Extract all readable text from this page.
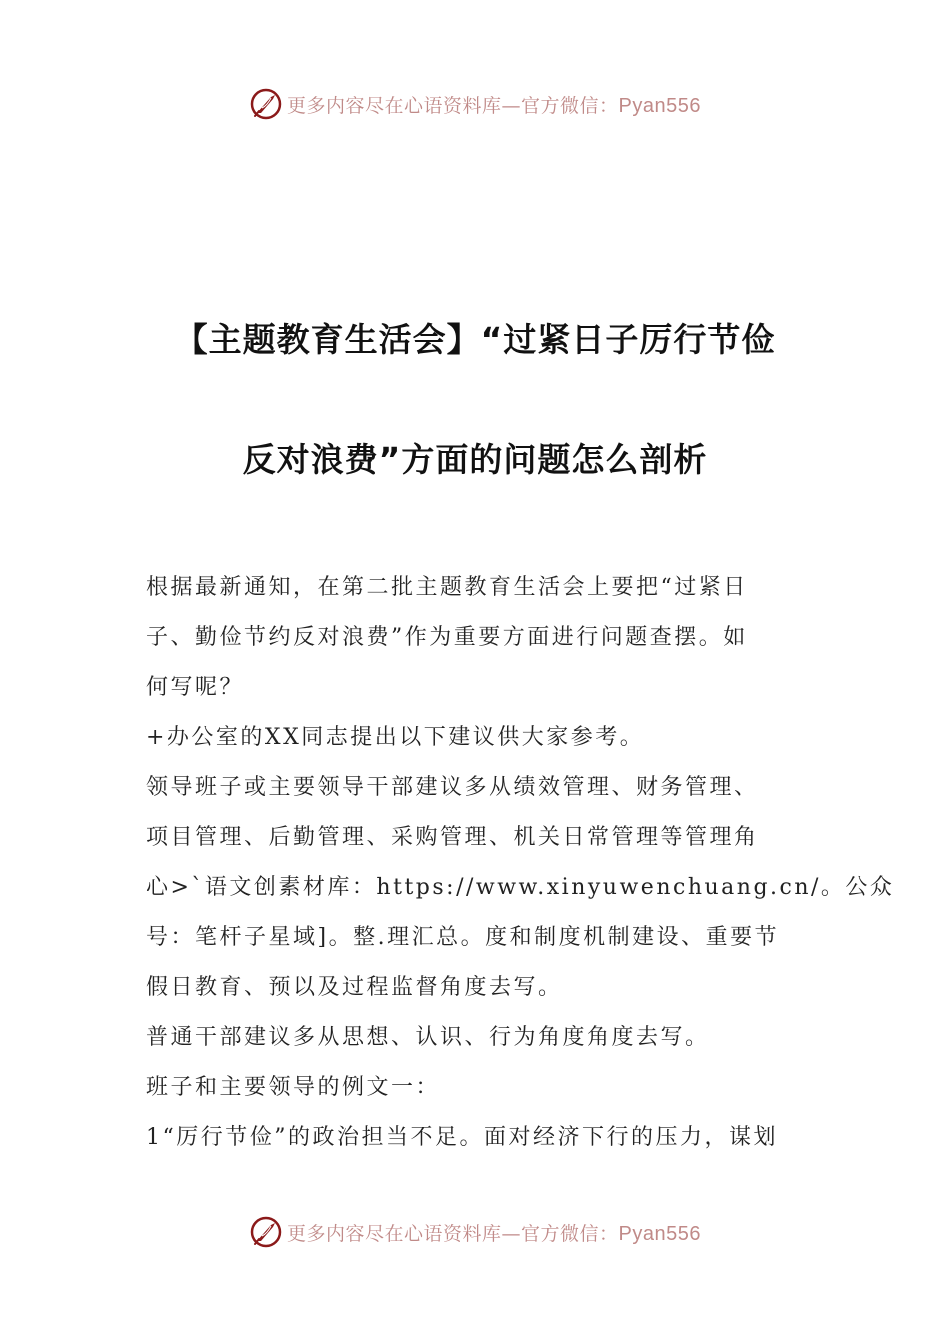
更多内容尽在心语资料库—官方微信：Pyan556
【主题教育生活会】“过紧日子厉行节俭
反对浪费”方面的问题怎么剖析
根据最新通知，在第二批主题教育生活会上要把“过紧日
子、勤俭节约反对浪费”作为重要方面进行问题查摆。如
何写呢？
+办公室的XX同志提出以下建议供大家参考。
领导班子或主要领导干部建议多从绩效管理、财务管理、
项目管理、后勤管理、采购管理、机关日常管理等管理角
心>`语文创素材库：https://www.xinyuwenchuang.cn/。公众
号：笔杆子星域]。整.理汇总。度和制度机制建设、重要节
假日教育、预以及过程监督角度去写。
普通干部建议多从思想、认识、行为角度角度去写。
班子和主要领导的例文一：
1“厉行节俭”的政治担当不足。面对经济下行的压力，谋划
更多内容尽在心语资料库—官方微信：Pyan556
